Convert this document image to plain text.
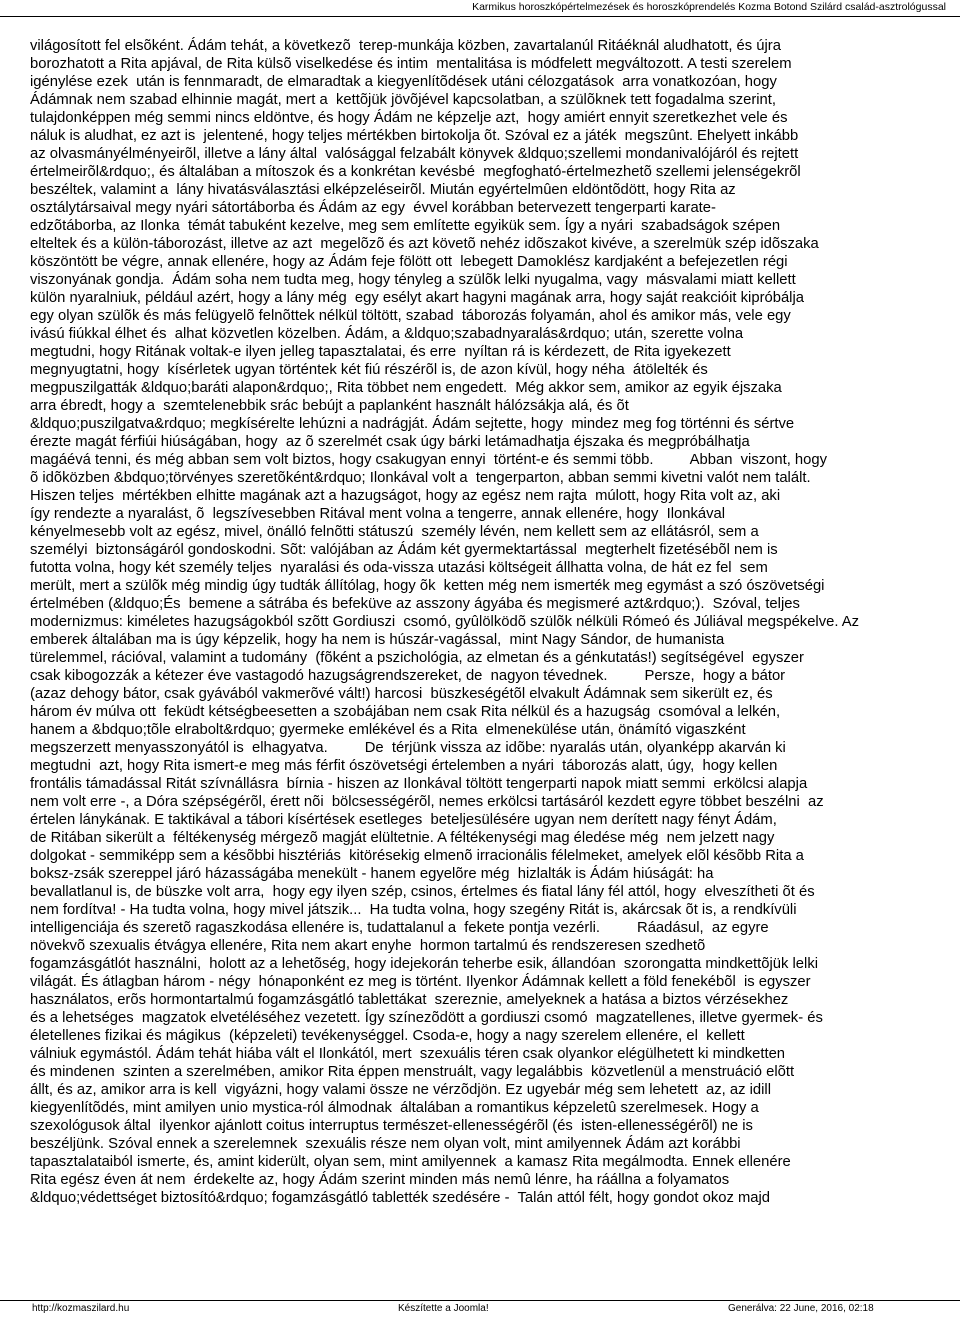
Karmikus horoszkópértelmezések és horoszkóprendelés Kozma Botond Szilárd család-asztrológussal
világosított fel elsõként. Ádám tehát, a következõ  terep-munkája közben, zavartalanúl Ritáéknál aludhatott, és újra
borozhatott a Rita apjával, de Rita külsõ viselkedése és intim  mentalitása is módfelett megváltozott. A testi szerelem
igénylése ezek  után is fennmaradt, de elmaradtak a kiegyenlítõdések utáni célozgatások  arra vonatkozóan, hogy
Ádámnak nem szabad elhinnie magát, mert a  kettõjük jövõjével kapcsolatban, a szülõknek tett fogadalma szerint,
tulajdonképpen még semmi nincs eldöntve, és hogy Ádám ne képzelje azt,  hogy amiért ennyit szeretkezhet vele és
náluk is aludhat, ez azt is  jelentené, hogy teljes mértékben birtokolja õt. Szóval ez a játék  megszûnt. Ehelyett inkább
az olvasmányélményeirõl, illetve a lány által  valósággal felzabált könyvek &ldquo;szellemi mondanivalójáról és rejtett
értelmeirõl&rdquo;, és általában a mítoszok és a konkrétan kevésbé  megfogható-értelmezhetõ szellemi jelenségekrõl
beszéltek, valamint a  lány hivatásválasztási elképzeléseirõl. Miután egyértelmûen eldöntõdött, hogy Rita az
osztálytársaival megy nyári sátortáborba és Ádám az egy  évvel korábban betervezett tengerparti karate-
edzõtáborba, az Ilonka  témát tabuként kezelve, meg sem említette egyikük sem. Így a nyári  szabadságok szépen
elteltek és a külön-táborozást, illetve az azt  megelõzõ és azt követõ nehéz idõszakot kivéve, a szerelmük szép idõszaka
köszöntött be végre, annak ellenére, hogy az Ádám feje fölött ott  lebegett Damoklész kardjaként a befejezetlen régi
viszonyának gondja.  Ádám soha nem tudta meg, hogy tényleg a szülõk lelki nyugalma, vagy  másvalami miatt kellett
külön nyaralniuk, például azért, hogy a lány még  egy esélyt akart hagyni magának arra, hogy saját reakcióit kipróbálja
egy olyan szülõk és más felügyelõ felnõttek nélkül töltött, szabad  táborozás folyamán, ahol és amikor más, vele egy
ivású fiúkkal élhet és  alhat közvetlen közelben. Ádám, a &ldquo;szabadnyaralás&rdquo; után, szerette volna
megtudni, hogy Ritának voltak-e ilyen jelleg tapasztalatai, és erre  nyíltan rá is kérdezett, de Rita igyekezett
megnyugtatni, hogy  kísérletek ugyan történtek két fiú részérõl is, de azon kívül, hogy néha  átölelték és
megpuszilgatták &ldquo;baráti alapon&rdquo;, Rita többet nem engedett.  Még akkor sem, amikor az egyik éjszaka
arra ébredt, hogy a  szemtelenebbik srác bebújt a paplanként használt hálózsákja alá, és õt
&ldquo;puszilgatva&rdquo; megkísérelte lehúzni a nadrágját. Ádám sejtette, hogy  mindez meg fog történni és sértve
érezte magát férfiúi hiúságában, hogy  az õ szerelmét csak úgy bárki letámadhatja éjszaka és megpróbálhatja
magáévá tenni, és még abban sem volt biztos, hogy csakugyan ennyi  történt-e és semmi több.         Abban  viszont, hogy
õ idõközben &bdquo;törvényes szeretõként&rdquo; Ilonkával volt a  tengerparton, abban semmi kivetni valót nem talált.
Hiszen teljes  mértékben elhitte magának azt a hazugságot, hogy az egész nem rajta  múlott, hogy Rita volt az, aki
így rendezte a nyaralást, õ  legszívesebben Ritával ment volna a tengerre, annak ellenére, hogy  Ilonkával
kényelmesebb volt az egész, mivel, önálló felnõtti státuszú  személy lévén, nem kellett sem az ellátásról, sem a
személyi  biztonságáról gondoskodni. Sõt: valójában az Ádám két gyermektartással  megterhelt fizetésébõl nem is
futotta volna, hogy két személy teljes  nyaralási és oda-vissza utazási költségeit állhatta volna, de hát ez fel  sem
merült, mert a szülõk még mindig úgy tudták állítólag, hogy õk  ketten még nem ismerték meg egymást a szó ószövetségi
értelmében (&ldquo;És  bemene a sátrába és befeküve az asszony ágyába és megismeré azt&rdquo;).  Szóval, teljes
modernizmus: kiméletes hazugságokból szõtt Gordiuszi  csomó, gyûlölködõ szülõk nélküli Rómeó és Júliával megspékelve. Az
emberek általában ma is úgy képzelik, hogy ha nem is húszár-vagással,  mint Nagy Sándor, de humanista
türelemmel, rációval, valamint a tudomány  (fõként a pszichológia, az elmetan és a génkutatás!) segítségével  egyszer
csak kibogozzák a kétezer éve vastagodó hazugságrendszereket, de  nagyon tévednek.         Persze,  hogy a bátor
(azaz dehogy bátor, csak gyávából vakmerõvé vált!) harcosi  büszkeségétõl elvakult Ádámnak sem sikerült ez, és
három év múlva ott  feküdt kétségbeesetten a szobájában nem csak Rita nélkül és a hazugság  csomóval a lelkén,
hanem a &bdquo;tõle elrabolt&rdquo; gyermeke emlékével és a Rita  elmenekülése után, önámító vigaszként
megszerzett menyasszonyától is  elhagyatva.         De  térjünk vissza az idõbe: nyaralás után, olyanképp akarván ki
megtudni  azt, hogy Rita ismert-e meg más férfit ószövetségi értelemben a nyári  táborozás alatt, úgy,  hogy kellen
frontális támadással Ritát szívnállásra  bírnia - hiszen az Ilonkával töltött tengerparti napok miatt semmi  erkölcsi alapja
nem volt erre -, a Dóra szépségérõl, érett nõi  bölcsességérõl, nemes erkölcsi tartásáról kezdett egyre többet beszélni  az
értelen lánykának. E taktikával a tábori kísértések esetleges  beteljesülésére ugyan nem derített nagy fényt Ádám,
de Ritában sikerült a  féltékenység mérgezõ magját elültetnie. A féltékenységi mag éledése még  nem jelzett nagy
dolgokat - semmiképp sem a késõbbi hisztériás  kitörésekig elmenõ irracionális félelmeket, amelyek elõl késõbb Rita a
boksz-zsák szereppel járó házasságába menekült - hanem egyelõre még  hizlalták is Ádám hiúságát: ha
bevallatlanul is, de büszke volt arra,  hogy egy ilyen szép, csinos, értelmes és fiatal lány fél attól, hogy  elveszítheti õt és
nem fordítva! - Ha tudta volna, hogy mivel játszik...  Ha tudta volna, hogy szegény Ritát is, akárcsak õt is, a rendkívüli
intelligenciája és szeretõ ragaszkodása ellenére is, tudattalanul a  fekete pontja vezérli.         Ráadásul,  az egyre
növekvõ szexualis étvágya ellenére, Rita nem akart enyhe  hormon tartalmú és rendszeresen szedhetõ
fogamzásgátlót használni,  holott az a lehetõség, hogy idejekorán teherbe esik, állandóan  szorongatta mindkettõjük lelki
világát. És átlagban három - négy  hónaponként ez meg is történt. Ilyenkor Ádámnak kellett a föld fenekébõl  is egyszer
használatos, erõs hormontartalmú fogamzásgátló tablettákat  szereznie, amelyeknek a hatása a biztos vérzésekhez
és a lehetséges  magzatok elvetéléséhez vezetett. Így színezõdött a gordiuszi csomó  magzatellenes, illetve gyermek- és
életellenes fizikai és mágikus  (képzeleti) tevékenységgel. Csoda-e, hogy a nagy szerelem ellenére, el  kellett
válniuk egymástól. Ádám tehát hiába vált el Ilonkától, mert  szexuális téren csak olyankor elégülhetett ki mindketten
és mindenen  szinten a szerelmében, amikor Rita éppen menstruált, vagy legalábbis  közvetlenül a menstruáció elõtt
állt, és az, amikor arra is kell  vigyázni, hogy valami össze ne vérzõdjön. Ez ugyebár még sem lehetett  az, az idill
kiegyenlítõdés, mint amilyen unio mystica-ról álmodnak  általában a romantikus képzeletû szerelmesek. Hogy a
szexológusok által  ilyenkor ajánlott coitus interruptus természet-ellenességérõl (és  isten-ellenességérõl) ne is
beszéljünk. Szóval ennek a szerelemnek  szexuális része nem olyan volt, mint amilyennek Ádám azt korábbi
tapasztalataiból ismerte, és, amint kiderült, olyan sem, mint amilyennek  a kamasz Rita megálmodta. Ennek ellenére
Rita egész éven át nem  érdekelte az, hogy Ádám szerint minden más nemû lénre, ha ráállna a folyamatos
&ldquo;védettséget biztosító&rdquo; fogamzásgátló tablették szedésére -  Talán attól félt, hogy gondot okoz majd
http://kozmaszilard.hu	Készítette a Joomla!	Generálva: 22 June, 2016, 02:18
